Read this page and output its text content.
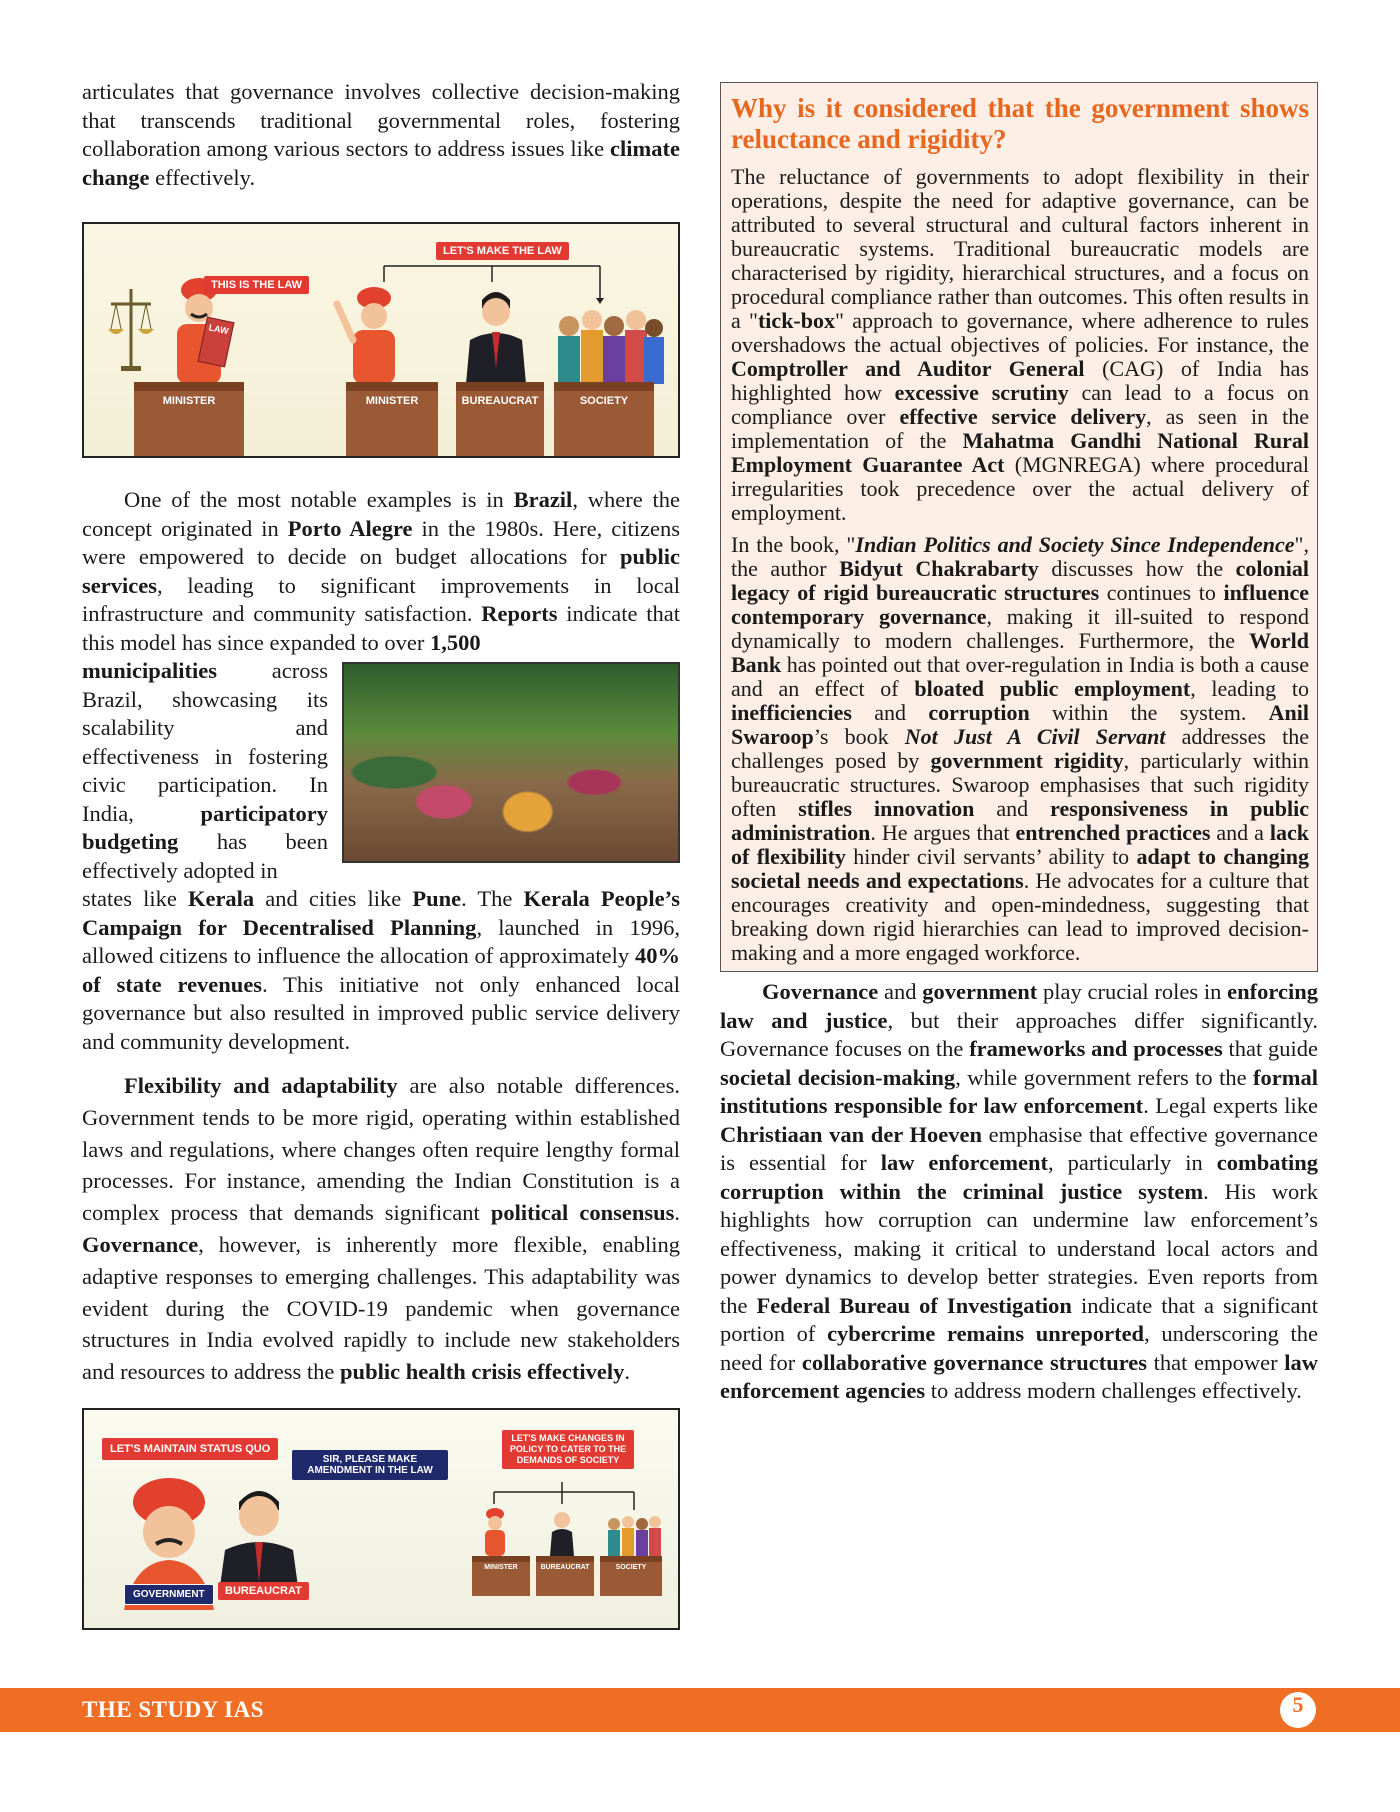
articulates that governance involves collective decision-making that transcends traditional governmental roles, fostering collaboration among various sectors to address issues like climate change effectively.

LAW
THIS IS THE LAW
MINISTER
LET'S MAKE THE LAW
MINISTER	BUREAUCRAT	SOCIETY

One of the most notable examples is in Brazil, where the concept originated in Porto Alegre in the 1980s. Here, citizens were empowered to decide on budget allocations for public services, leading to significant improvements in local infrastructure and community satisfaction. Reports indicate that this model has since expanded to over 1,500

municipalities across Brazil, showcasing its scalability and effectiveness in fostering civic participation. In India, participatory budgeting has been effectively adopted in

states like Kerala and cities like Pune. The Kerala People’s Campaign for Decentralised Planning, launched in 1996, allowed citizens to influence the allocation of approximately 40% of state revenues. This initiative not only enhanced local governance but also resulted in improved public service delivery and community development.

Flexibility and adaptability are also notable differences. Government tends to be more rigid, operating within established laws and regulations, where changes often require lengthy formal processes. For instance, amending the Indian Constitution is a complex process that demands significant political consensus. Governance, however, is inherently more flexible, enabling adaptive responses to emerging challenges. This adaptability was evident during the COVID-19 pandemic when governance structures in India evolved rapidly to include new stakeholders and resources to address the public health crisis effectively.

LET'S MAINTAIN STATUS QUO
SIR, PLEASE MAKE AMENDMENT IN THE LAW
LET'S MAKE CHANGES IN POLICY TO CATER TO THE DEMANDS OF SOCIETY
GOVERNMENT	BUREAUCRAT
MINISTER	BUREAUCRAT	SOCIETY
Why is it considered that the government shows reluctance and rigidity?

The reluctance of governments to adopt flexibility in their operations, despite the need for adaptive governance, can be attributed to several structural and cultural factors inherent in bureaucratic systems. Traditional bureaucratic models are characterised by rigidity, hierarchical structures, and a focus on procedural compliance rather than outcomes. This often results in a "tick-box" approach to governance, where adherence to rules overshadows the actual objectives of policies. For instance, the Comptroller and Auditor General (CAG) of India has highlighted how excessive scrutiny can lead to a focus on compliance over effective service delivery, as seen in the implementation of the Mahatma Gandhi National Rural Employment Guarantee Act (MGNREGA) where procedural irregularities took precedence over the actual delivery of employment.

In the book, "Indian Politics and Society Since Independence", the author Bidyut Chakrabarty discusses how the colonial legacy of rigid bureaucratic structures continues to influence contemporary governance, making it ill-suited to respond dynamically to modern challenges. Furthermore, the World Bank has pointed out that over-regulation in India is both a cause and an effect of bloated public employment, leading to inefficiencies and corruption within the system. Anil Swaroop’s book Not Just A Civil Servant addresses the challenges posed by government rigidity, particularly within bureaucratic structures. Swaroop emphasises that such rigidity often stifles innovation and responsiveness in public administration. He argues that entrenched practices and a lack of flexibility hinder civil servants’ ability to adapt to changing societal needs and expectations. He advocates for a culture that encourages creativity and open-mindedness, suggesting that breaking down rigid hierarchies can lead to improved decision-making and a more engaged workforce.

Governance and government play crucial roles in enforcing law and justice, but their approaches differ significantly. Governance focuses on the frameworks and processes that guide societal decision-making, while government refers to the formal institutions responsible for law enforcement. Legal experts like Christiaan van der Hoeven emphasise that effective governance is essential for law enforcement, particularly in combating corruption within the criminal justice system. His work highlights how corruption can undermine law enforcement’s effectiveness, making it critical to understand local actors and power dynamics to develop better strategies. Even reports from the Federal Bureau of Investigation indicate that a significant portion of cybercrime remains unreported, underscoring the need for collaborative governance structures that empower law enforcement agencies to address modern challenges effectively.

THE STUDY IAS	5
